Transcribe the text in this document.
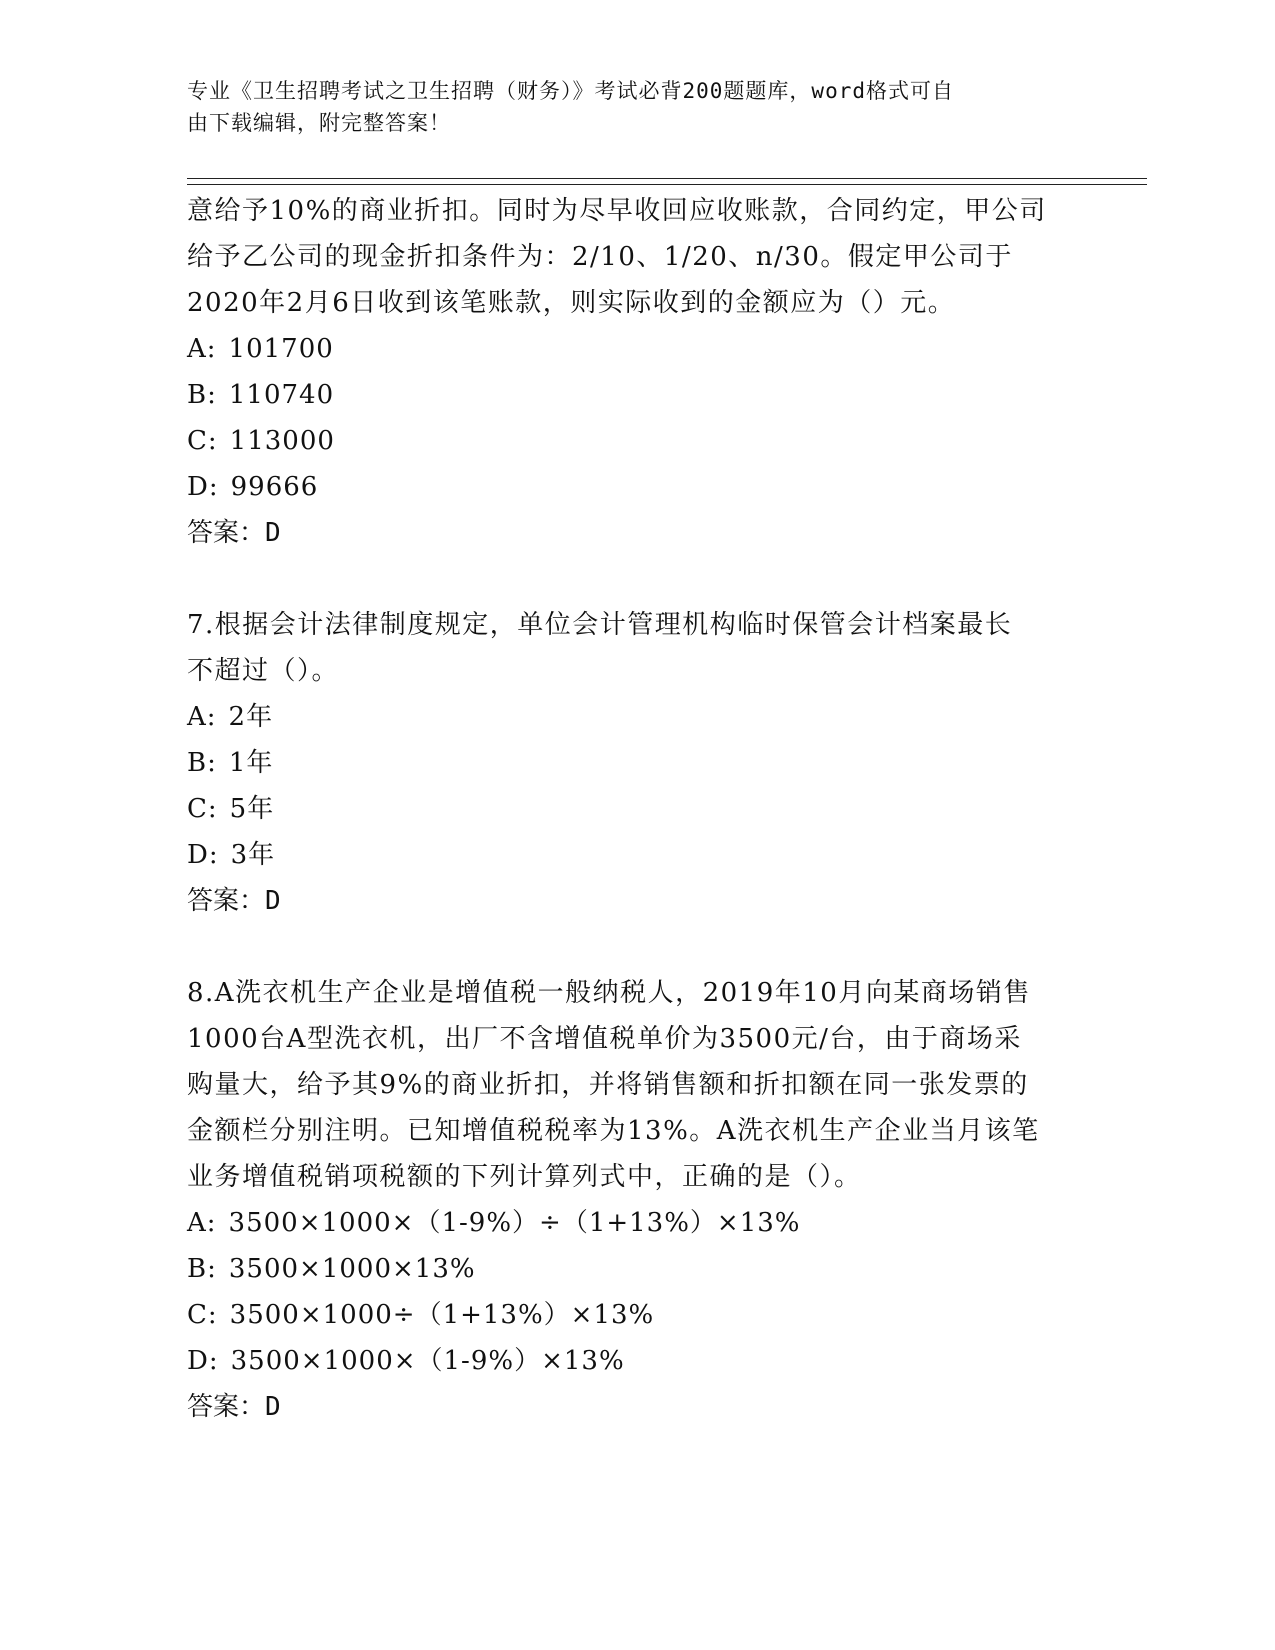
专业《卫生招聘考试之卫生招聘（财务）》考试必背200题题库，word格式可自
由下载编辑，附完整答案！

意给予10%的商业折扣。同时为尽早收回应收账款，合同约定，甲公司

给予乙公司的现金折扣条件为：2/10、1/20、n/30。假定甲公司于

2020年2月6日收到该笔账款，则实际收到的金额应为（）元。

A: 101700

B: 110740

C: 113000

D: 99666

答案：D

7.根据会计法律制度规定，单位会计管理机构临时保管会计档案最长

不超过（）。

A: 2年

B: 1年

C: 5年

D: 3年

答案：D

8.A洗衣机生产企业是增值税一般纳税人，2019年10月向某商场销售

1000台A型洗衣机，出厂不含增值税单价为3500元/台，由于商场采

购量大，给予其9%的商业折扣，并将销售额和折扣额在同一张发票的

金额栏分别注明。已知增值税税率为13%。A洗衣机生产企业当月该笔

业务增值税销项税额的下列计算列式中，正确的是（）。

A: 3500×1000×（1-9%）÷（1+13%）×13%

B: 3500×1000×13%

C: 3500×1000÷（1+13%）×13%

D: 3500×1000×（1-9%）×13%

答案：D
